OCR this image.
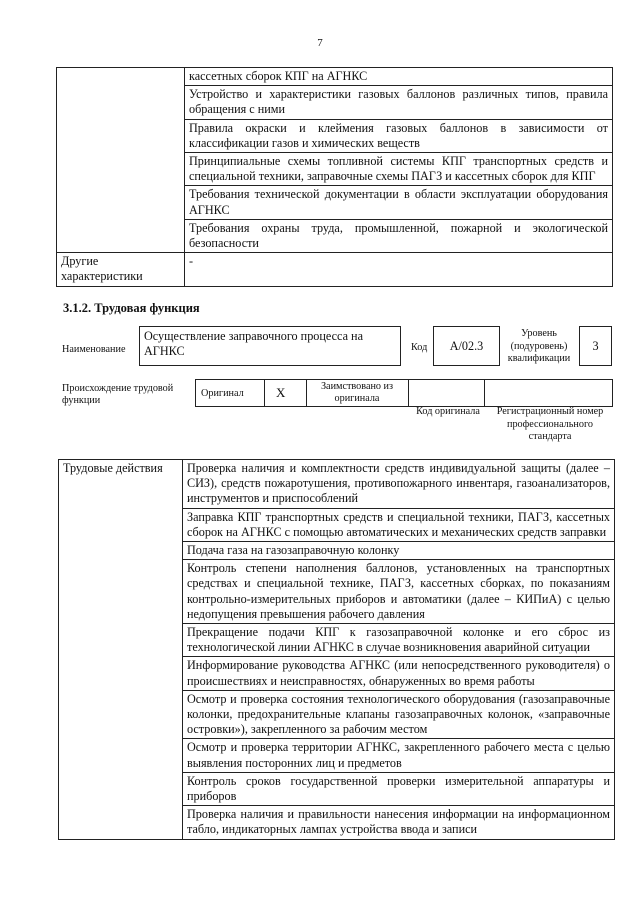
7
	кассетных сборок КПГ на АГНКС
	Устройство и характеристики газовых баллонов различных типов, правила обращения с ними
	Правила окраски и клеймения газовых баллонов в зависимости от классификации газов и химических веществ
	Принципиальные схемы топливной системы КПГ транспортных средств и специальной техники, заправочные схемы ПАГЗ и кассетных сборок для КПГ
	Требования технической документации в области эксплуатации оборудования АГНКС
	Требования охраны труда, промышленной, пожарной и экологической безопасности
Другие характеристики	-
3.1.2. Трудовая функция
Наименование
Осуществление заправочного процесса на АГНКС	Код	A/02.3
Уровень (подуровень) квалификации
3
Происхождение трудовой функции
Оригинал X	Заимствовано из оригинала
Код оригинала	Регистрационный номер профессионального стандарта
Трудовые действия	Проверка наличия и комплектности средств индивидуальной защиты (далее – СИЗ), средств пожаротушения, противопожарного инвентаря, газоанализаторов, инструментов и приспособлений
Заправка КПГ транспортных средств и специальной техники, ПАГЗ, кассетных сборок на АГНКС с помощью автоматических и механических средств заправки
Подача газа на газозаправочную колонку
Контроль степени наполнения баллонов, установленных на транспортных средствах и специальной технике, ПАГЗ, кассетных сборках, по показаниям контрольно-измерительных приборов и автоматики (далее – КИПиА) с целью недопущения превышения рабочего давления
Прекращение подачи КПГ к газозаправочной колонке и его сброс из технологической линии АГНКС в случае возникновения аварийной ситуации
Информирование руководства АГНКС (или непосредственного руководителя) о происшествиях и неисправностях, обнаруженных во время работы
Осмотр и проверка состояния технологического оборудования (газозаправочные колонки, предохранительные клапаны газозаправочных колонок, «заправочные островки»), закрепленного за рабочим местом
Осмотр и проверка территории АГНКС, закрепленного рабочего места с целью выявления посторонних лиц и предметов
Контроль сроков государственной проверки измерительной аппаратуры и приборов
Проверка наличия и правильности нанесения информации на информационном табло, индикаторных лампах устройства ввода и записи
